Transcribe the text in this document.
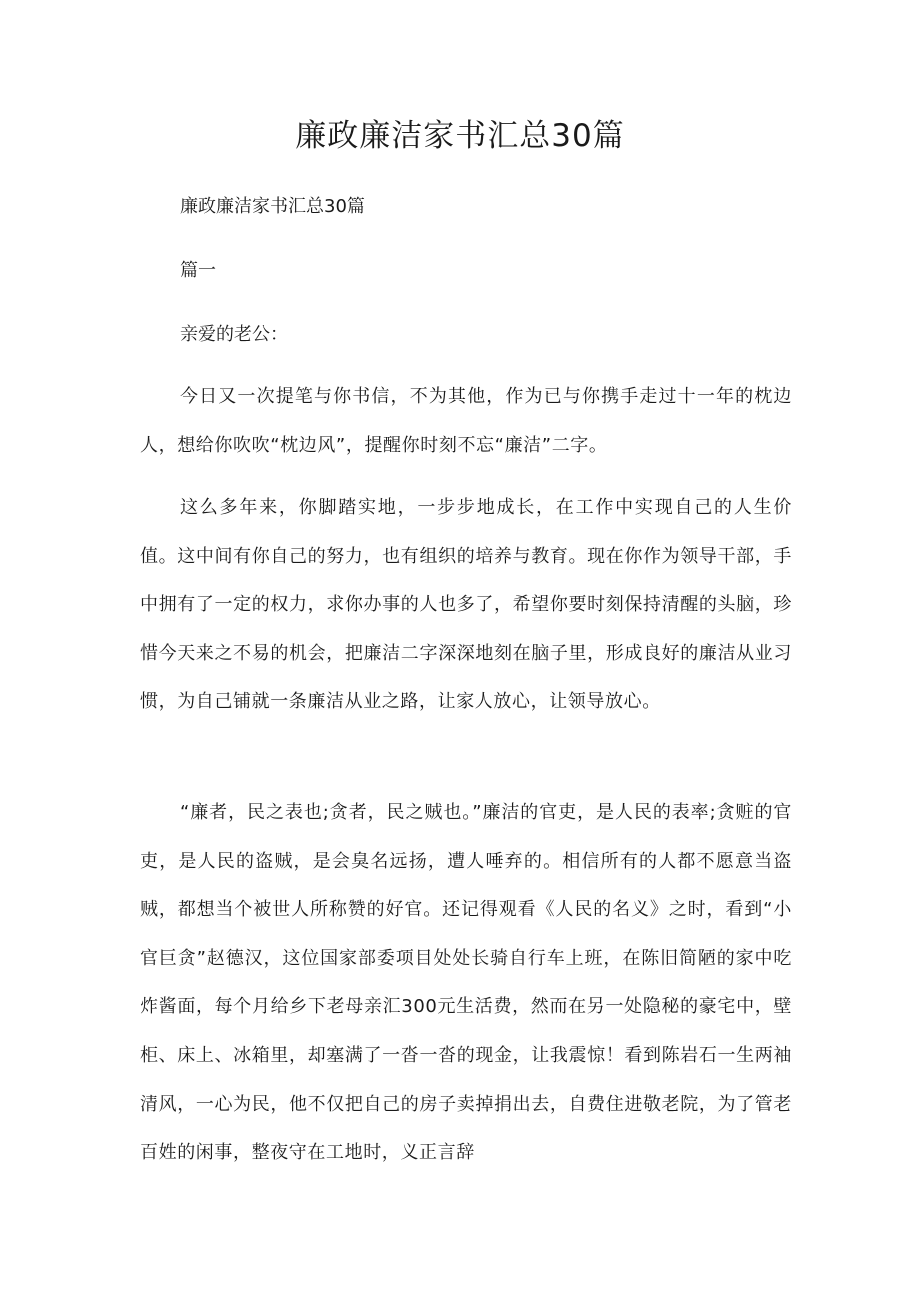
廉政廉洁家书汇总30篇

廉政廉洁家书汇总30篇

篇一

亲爱的老公：

今日又一次提笔与你书信，不为其他，作为已与你携手走过十一年的枕边人，想给你吹吹“枕边风”，提醒你时刻不忘“廉洁”二字。

这么多年来，你脚踏实地，一步步地成长，在工作中实现自己的人生价值。这中间有你自己的努力，也有组织的培养与教育。现在你作为领导干部，手中拥有了一定的权力，求你办事的人也多了，希望你要时刻保持清醒的头脑，珍惜今天来之不易的机会，把廉洁二字深深地刻在脑子里，形成良好的廉洁从业习惯，为自己铺就一条廉洁从业之路，让家人放心，让领导放心。

“廉者，民之表也;贪者，民之贼也。”廉洁的官吏，是人民的表率;贪赃的官吏，是人民的盗贼，是会臭名远扬，遭人唾弃的。相信所有的人都不愿意当盗贼，都想当个被世人所称赞的好官。还记得观看《人民的名义》之时，看到“小官巨贪”赵德汉，这位国家部委项目处处长骑自行车上班，在陈旧简陋的家中吃炸酱面，每个月给乡下老母亲汇300元生活费，然而在另一处隐秘的豪宅中，壁柜、床上、冰箱里，却塞满了一沓一沓的现金，让我震惊！看到陈岩石一生两袖清风，一心为民，他不仅把自己的房子卖掉捐出去，自费住进敬老院，为了管老百姓的闲事，整夜守在工地时，义正言辞
